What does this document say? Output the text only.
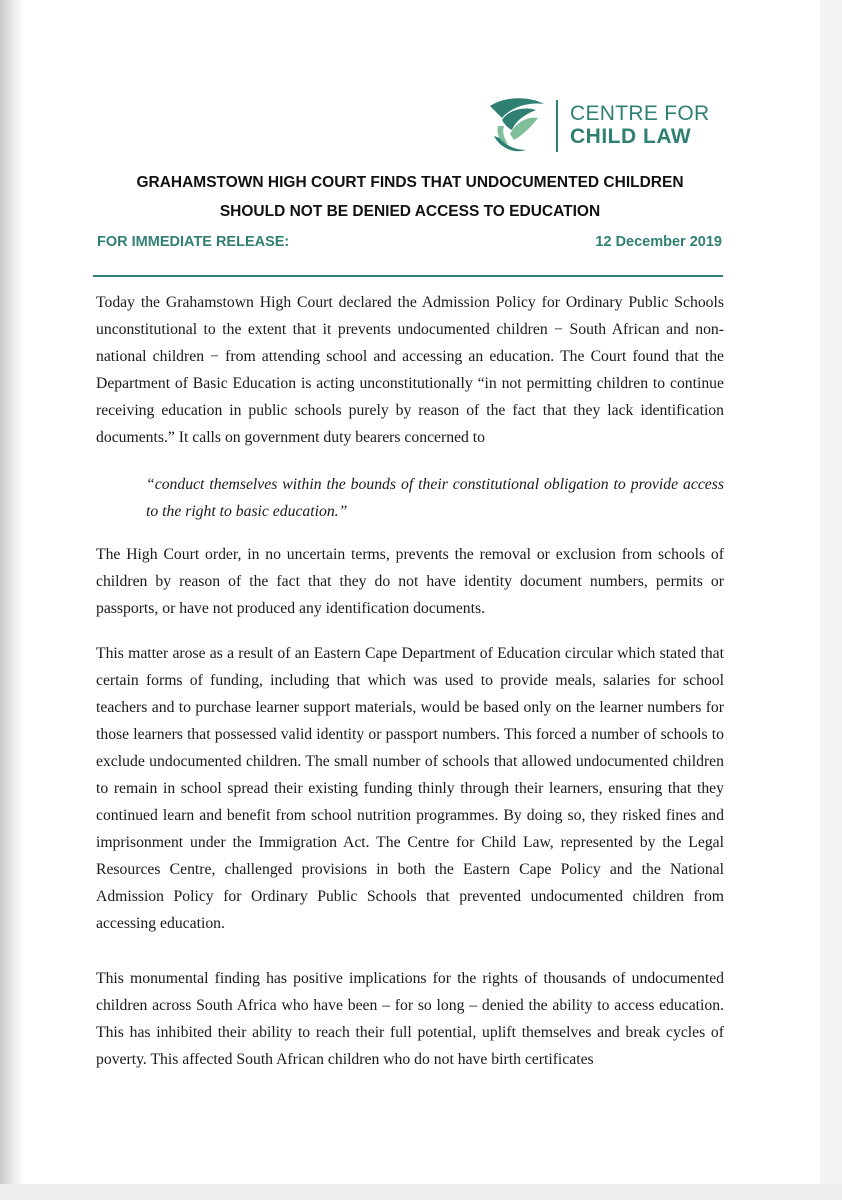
CENTRE FOR
CHILD LAW
GRAHAMSTOWN HIGH COURT FINDS THAT UNDOCUMENTED CHILDREN
SHOULD NOT BE DENIED ACCESS TO EDUCATION
FOR IMMEDIATE RELEASE:	12 December 2019

Today the Grahamstown High Court declared the Admission Policy for Ordinary Public Schools unconstitutional to the extent that it prevents undocumented children − South African and non-national children − from attending school and accessing an education. The Court found that the Department of Basic Education is acting unconstitutionally “in not permitting children to continue receiving education in public schools purely by reason of the fact that they lack identification documents.” It calls on government duty bearers concerned to

“conduct themselves within the bounds of their constitutional obligation to provide access to the right to basic education.”

The High Court order, in no uncertain terms, prevents the removal or exclusion from schools of children by reason of the fact that they do not have identity document numbers, permits or passports, or have not produced any identification documents.

This matter arose as a result of an Eastern Cape Department of Education circular which stated that certain forms of funding, including that which was used to provide meals, salaries for school teachers and to purchase learner support materials, would be based only on the learner numbers for those learners that possessed valid identity or passport numbers. This forced a number of schools to exclude undocumented children. The small number of schools that allowed undocumented children to remain in school spread their existing funding thinly through their learners, ensuring that they continued learn and benefit from school nutrition programmes. By doing so, they risked fines and imprisonment under the Immigration Act. The Centre for Child Law, represented by the Legal Resources Centre, challenged provisions in both the Eastern Cape Policy and the National Admission Policy for Ordinary Public Schools that prevented undocumented children from accessing education.

This monumental finding has positive implications for the rights of thousands of undocumented children across South Africa who have been – for so long – denied the ability to access education. This has inhibited their ability to reach their full potential, uplift themselves and break cycles of poverty. This affected South African children who do not have birth certificates
